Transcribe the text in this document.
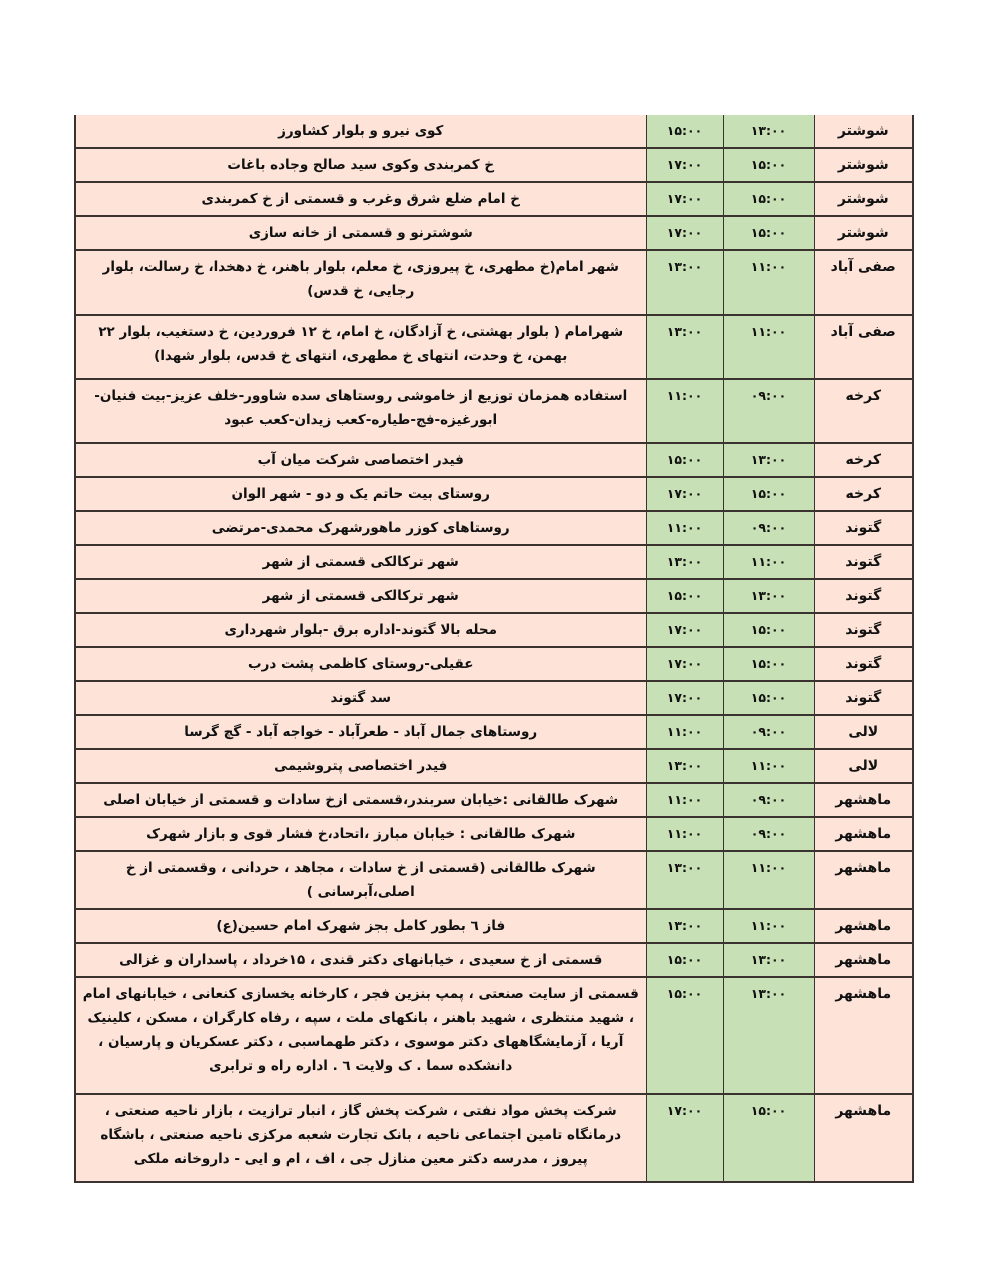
شوشتر	۱۳:۰۰	۱۵:۰۰	کوی نیرو و بلوار کشاورز

شوشتر	۱۵:۰۰	۱۷:۰۰	خ کمربندی وکوی سید صالح وجاده باغات

شوشتر	۱۵:۰۰	۱۷:۰۰	خ امام ضلع شرق وغرب و قسمتی از خ کمربندی

شوشتر	۱۵:۰۰	۱۷:۰۰	شوشترنو و قسمتی از خانه سازی

صفی آباد	۱۱:۰۰	۱۳:۰۰	شهر امام(خ مطهری، خ پیروزی، خ معلم، بلوار باهنر، خ دهخدا، خ رسالت، بلوار رجایی، خ قدس)

صفی آباد	۱۱:۰۰	۱۳:۰۰	شهرامام ( بلوار بهشتی، خ آزادگان، خ امام، خ ۱۲ فروردین، خ دستغیب، بلوار ۲۲ بهمن، خ وحدت، انتهای خ مطهری، انتهای خ قدس، بلوار شهدا)

کرخه	۰۹:۰۰	۱۱:۰۰	استفاده همزمان توزیع از خاموشی روستاهای سده شاوور-خلف عزیز-بیت فنیان-ابورغیزه-فج-طیاره-کعب زیدان-کعب عبود

کرخه	۱۳:۰۰	۱۵:۰۰	فیدر اختصاصی شرکت میان آب

کرخه	۱۵:۰۰	۱۷:۰۰	روستای بیت حاتم یک و دو - شهر الوان

گتوند	۰۹:۰۰	۱۱:۰۰	روستاهای کوزر ماهورشهرک محمدی-مرتضی

گتوند	۱۱:۰۰	۱۳:۰۰	شهر ترکالکی قسمتی از شهر

گتوند	۱۳:۰۰	۱۵:۰۰	شهر ترکالکی قسمتی از شهر

گتوند	۱۵:۰۰	۱۷:۰۰	محله بالا گتوند-اداره برق -بلوار شهرداری

گتوند	۱۵:۰۰	۱۷:۰۰	عقیلی-روستای کاظمی پشت درب

گتوند	۱۵:۰۰	۱۷:۰۰	سد گتوند

لالی	۰۹:۰۰	۱۱:۰۰	روستاهای جمال آباد - طعرآباد - خواجه آباد - گچ گرسا

لالی	۱۱:۰۰	۱۳:۰۰	فیدر اختصاصی پتروشیمی

ماهشهر	۰۹:۰۰	۱۱:۰۰	شهرک طالقانی :خیابان سربندر،قسمتی ازخ سادات و قسمتی از خیابان اصلی

ماهشهر	۰۹:۰۰	۱۱:۰۰	شهرک طالقانی : خیابان مبارز ،اتحاد،خ فشار قوی و بازار شهرک

ماهشهر	۱۱:۰۰	۱۳:۰۰	شهرک طالقانی (قسمتی از خ سادات ، مجاهد ، حردانی ، وقسمتی از خ اصلی،آبرسانی )

ماهشهر	۱۱:۰۰	۱۳:۰۰	فاز ٦ بطور کامل بجز شهرک امام حسین(ع)

ماهشهر	۱۳:۰۰	۱۵:۰۰	قسمتی از خ سعیدی ، خیابانهای دکتر قندی ، ۱۵خرداد ، پاسداران و غزالی

ماهشهر	۱۳:۰۰	۱۵:۰۰	قسمتی از سایت صنعتی ، پمپ بنزین فجر ، کارخانه یخسازی کنعانی ، خیابانهای امام ، شهید منتظری ، شهید باهنر ، بانکهای ملت ، سپه ، رفاه کارگران ، مسکن ، کلینیک آریا ، آزمایشگاههای دکتر موسوی ، دکتر طهماسبی ، دکتر عسکریان و پارسیان ، دانشکده سما . ک ولایت ٦ . اداره راه و ترابری

ماهشهر	۱۵:۰۰	۱۷:۰۰	شرکت پخش مواد نفتی ، شرکت پخش گاز ، انبار ترازیت ، بازار ناحیه صنعتی ، درمانگاه تامین اجتماعی ناحیه ، بانک تجارت شعبه مرکزی ناحیه صنعتی ، باشگاه پیروز ، مدرسه دکتر معین منازل جی ، اف ، ام و ایی - داروخانه ملکی
